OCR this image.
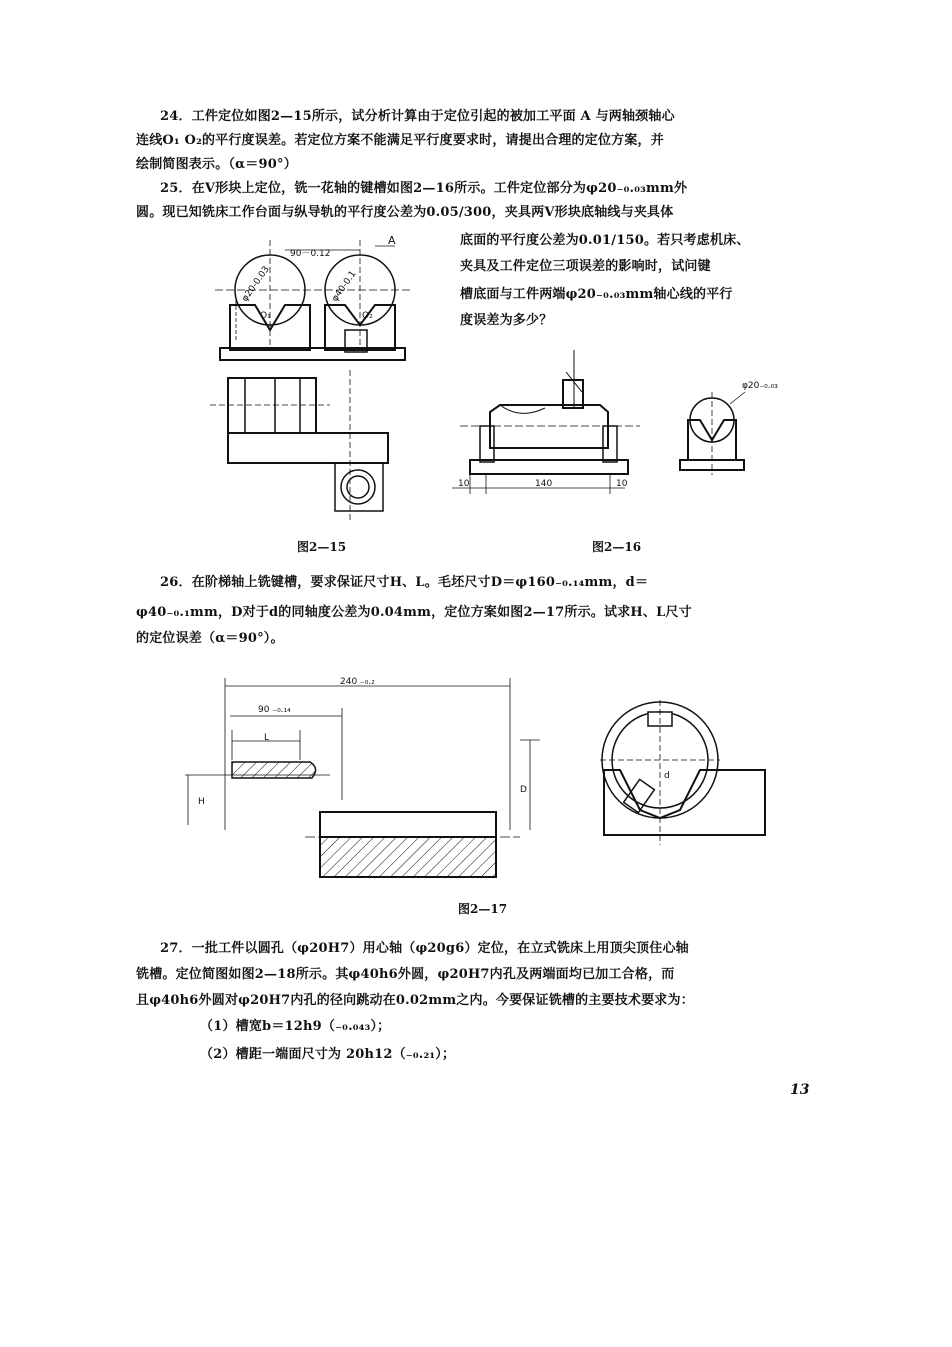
24．工件定位如图2—15所示，试分析计算由于定位引起的被加工平面 A 与两轴颈轴心
连线O₁ O₂的平行度误差。若定位方案不能满足平行度要求时，请提出合理的定位方案，并
绘制简图表示。（α＝90°）
25．在V形块上定位，铣一花轴的键槽如图2—16所示。工件定位部分为φ20₋₀.₀₃mm外
圆。现已知铣床工作台面与纵导轨的平行度公差为0.05/300，夹具两V形块底轴线与夹具体
底面的平行度公差为0.01/150。若只考虑机床、
夹具及工件定位三项误差的影响时，试问键
槽底面与工件两端φ20₋₀.₀₃mm轴心线的平行
度误差为多少？
90－0.12
A
φ20-0.03	φ40-0.1
O₁	O₂
图2—15
φ20₋₀.₀₃
10	140	10
图2—16
26．在阶梯轴上铣键槽，要求保证尺寸H、L。毛坯尺寸D＝φ160₋₀.₁₄mm，d＝
φ40₋₀.₁mm，D对于d的同轴度公差为0.04mm，定位方案如图2—17所示。试求H、L尺寸
的定位误差（α＝90°）。
240 ₋₀.₂
90 ₋₀.₁₄
L
H
D
d
图2—17
27．一批工件以圆孔（φ20H7）用心轴（φ20g6）定位，在立式铣床上用顶尖顶住心轴
铣槽。定位简图如图2—18所示。其φ40h6外圆，φ20H7内孔及两端面均已加工合格，而
且φ40h6外圆对φ20H7内孔的径向跳动在0.02mm之内。今要保证铣槽的主要技术要求为：
（1）槽宽b＝12h9（₋₀.₀₄₃）；
（2）槽距一端面尺寸为 20h12（₋₀.₂₁）；
13
